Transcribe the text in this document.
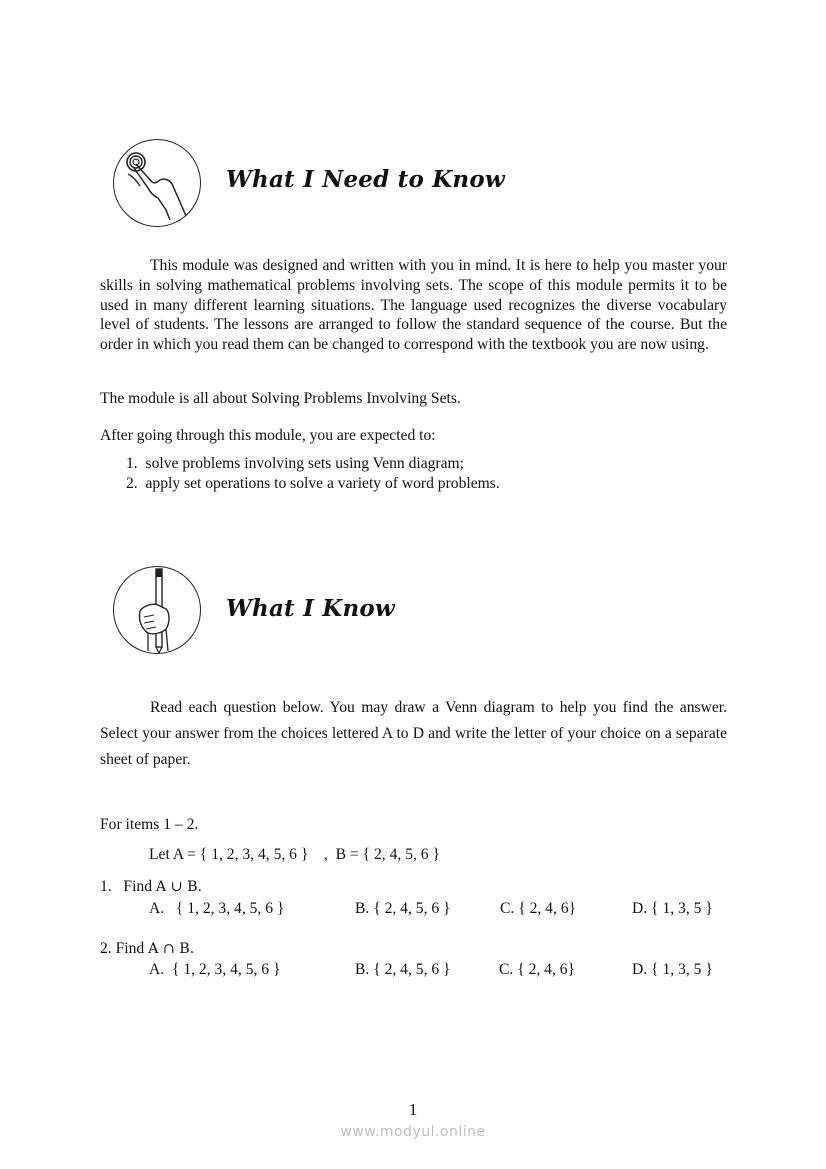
What I Need to Know
This module was designed and written with you in mind. It is here to help you master your skills in solving mathematical problems involving sets. The scope of this module permits it to be used in many different learning situations. The language used recognizes the diverse vocabulary level of students. The lessons are arranged to follow the standard sequence of the course. But the order in which you read them can be changed to correspond with the textbook you are now using.
The module is all about Solving Problems Involving Sets.
After going through this module, you are expected to:
1. solve problems involving sets using Venn diagram;
2. apply set operations to solve a variety of word problems.
What I Know
Read each question below. You may draw a Venn diagram to help you find the answer. Select your answer from the choices lettered A to D and write the letter of your choice on a separate sheet of paper.
For items 1 – 2.
Let A = { 1, 2, 3, 4, 5, 6 }    ,  B = { 2, 4, 5, 6 }
1. Find A ∪ B.
A.   { 1, 2, 3, 4, 5, 6 }	B. { 2, 4, 5, 6 }	C. { 2, 4, 6}	D. { 1, 3, 5 }
2. Find A ∩ B.
A.  { 1, 2, 3, 4, 5, 6 }	B. { 2, 4, 5, 6 }	C. { 2, 4, 6}	D. { 1, 3, 5 }
1
www.modyul.online
